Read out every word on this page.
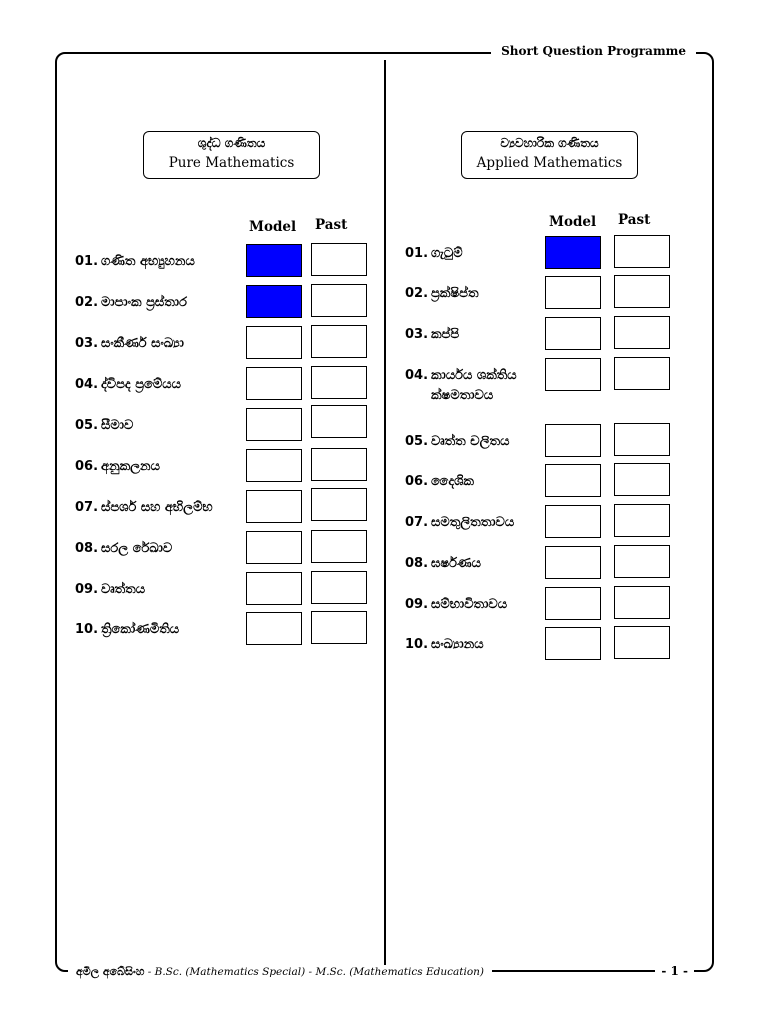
Short Question Programme
අමිල අබේසිංහ - B.Sc. (Mathematics Special) - M.Sc. (Mathematics Education)	- 1 -
ශුද්ධ ගණිතය
Pure Mathematics
Model Past
01. ගණිත අභ්‍යුහනය
02. මාපාංක ප්‍රස්තාර
03. සංකීර්ණ සංඛ්‍යා
04. ද්විපද ප්‍රමේයය
05. සීමාව
06. අනුකලනය
07. ස්පර්ශ සහ අභිලම්භ
08. සරල රේඛාව
09. වෘත්තය
10. ත්‍රිකෝණමිතිය
ව්‍යවහාරික ගණිතය
Applied Mathematics
Model Past
01. ගැටුම්
02. ප්‍රක්ෂිප්ත
03. කප්පි
04. කාර්යය ශක්තිය
ක්ෂමතාවය
05. වෘත්ත චලිතය
06. දෛශික
07. සමතුලිතතාවය
08. ඝර්ෂණය
09. සම්භාවිතාවය
10. සංඛ්‍යානය
